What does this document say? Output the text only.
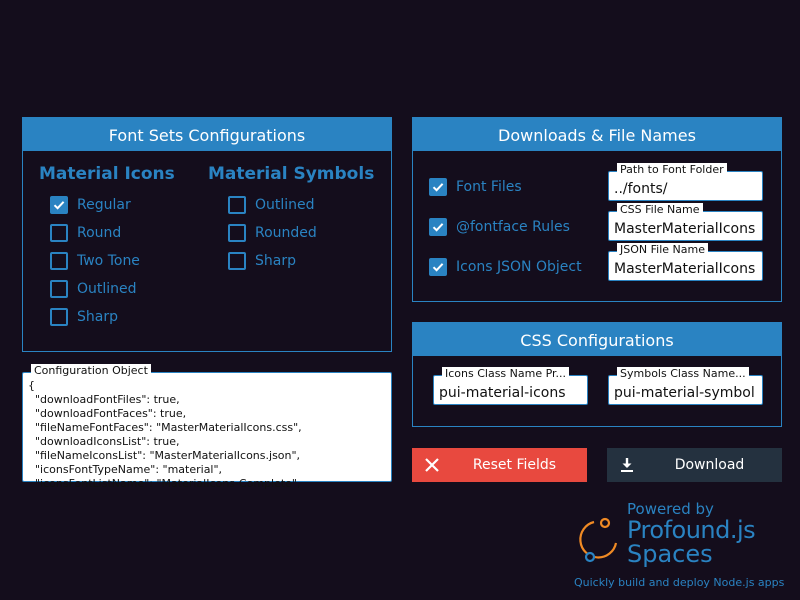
Font Sets Configurations
Material Icons Material Symbols
Regular
Round
Two Tone
Outlined
Sharp
Outlined
Rounded
Sharp
Downloads & File Names
Font Files
@fontface Rules
Icons JSON Object
Path to Font Folder
../fonts/
CSS File Name
MasterMaterialIcons
JSON File Name
MasterMaterialIcons
CSS Configurations
Icons Class Name Pr...
pui-material-icons
Symbols Class Name...
pui-material-symbol
Configuration Object
{
"downloadFontFiles": true,
"downloadFontFaces": true,
"fileNameFontFaces": "MasterMaterialIcons.css",
"downloadIconsList": true,
"fileNameIconsList": "MasterMaterialIcons.json",
"iconsFontTypeName": "material",
"iconsFontListName": "MaterialIcons-Complete",
Reset Fields	Download
Powered by
Profound.js
Spaces
Quickly build and deploy Node.js apps
